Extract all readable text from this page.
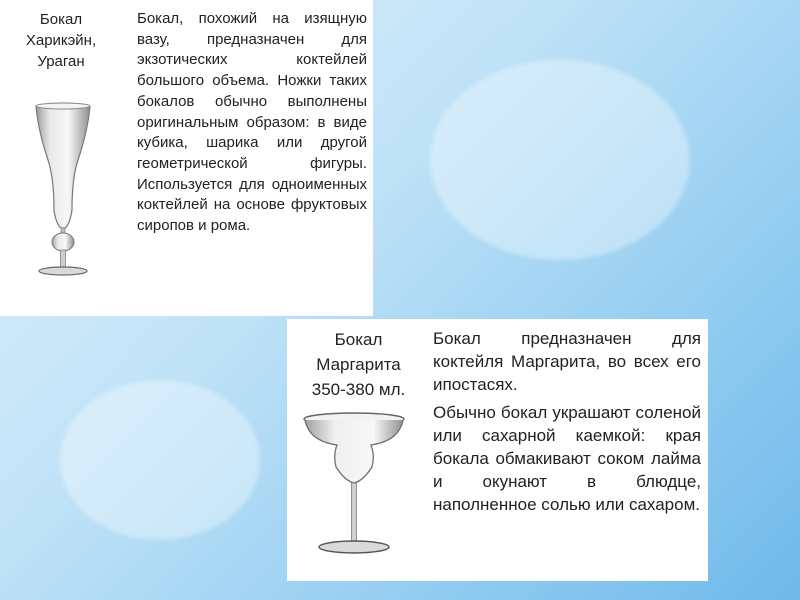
Бокал
Харикэйн,
Ураган
Бокал, похожий на изящную вазу, предназначен для экзотических коктейлей большого объема. Ножки таких бокалов обычно выполнены оригинальным образом: в виде кубика, шарика или другой геометрической фигуры. Используется для одноименных коктейлей на основе фруктовых сиропов и рома.
Бокал
Маргарита
350-380 мл.

Бокал предназначен для коктейля Маргарита, во всех его ипостасях.

Обычно бокал украшают соленой или сахарной каемкой: края бокала обмакивают соком лайма и окунают в блюдце, наполненное солью или сахаром.
